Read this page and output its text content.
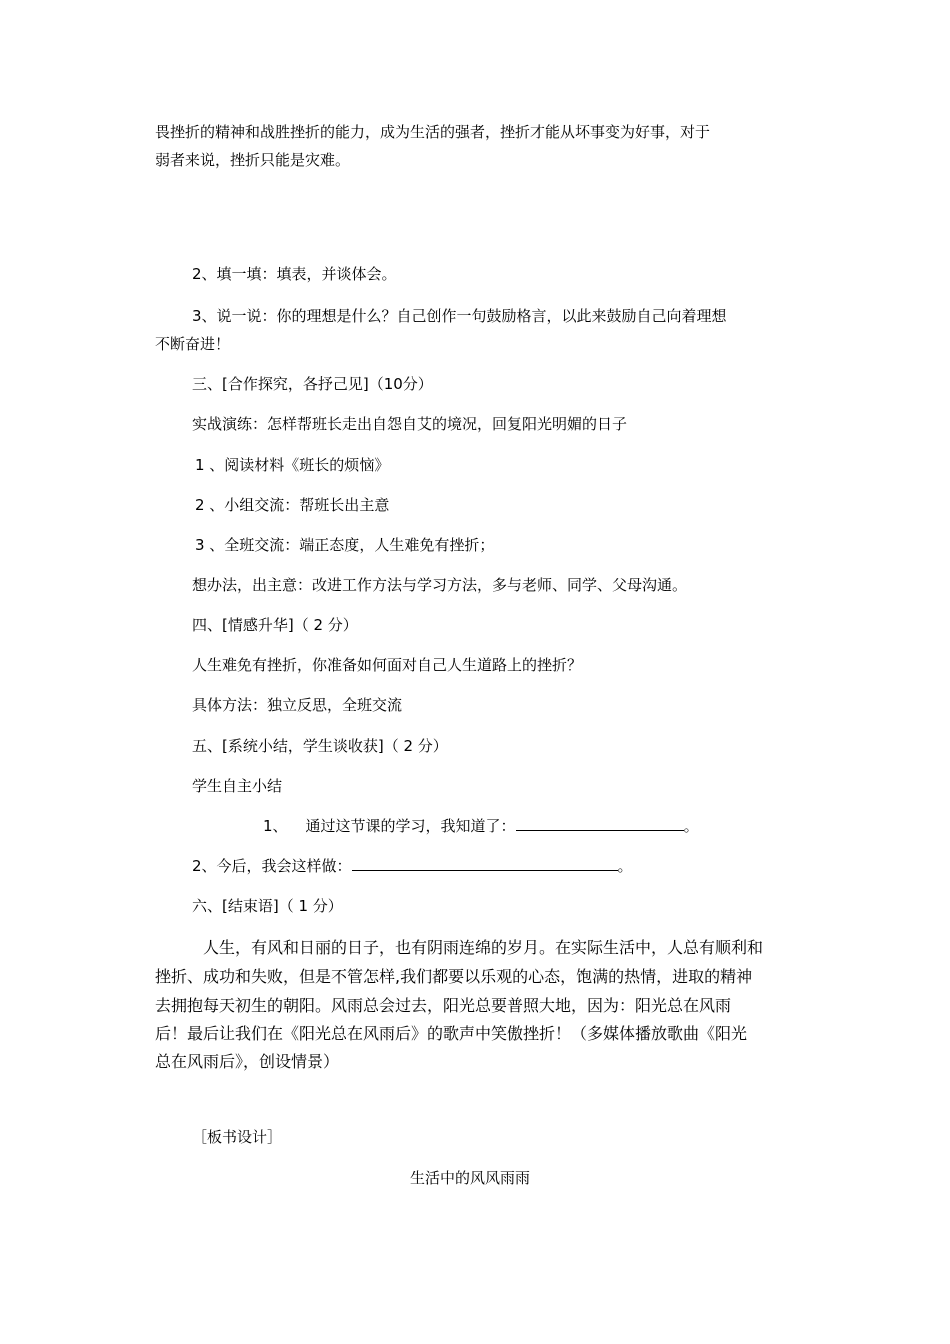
畏挫折的精神和战胜挫折的能力，成为生活的强者，挫折才能从坏事变为好事，对于
弱者来说，挫折只能是灾难。
2、填一填：填表，并谈体会。
3、说一说：你的理想是什么？自己创作一句鼓励格言，以此来鼓励自己向着理想
不断奋进！
三、[合作探究，各抒己见]（10分）
实战演练：怎样帮班长走出自怨自艾的境况，回复阳光明媚的日子
1 、阅读材料《班长的烦恼》
2 、小组交流：帮班长出主意
3 、全班交流：端正态度，人生难免有挫折；
想办法，出主意：改进工作方法与学习方法，多与老师、同学、父母沟通。
四、[情感升华]（ 2 分）
人生难免有挫折，你准备如何面对自己人生道路上的挫折？
具体方法：独立反思，全班交流
五、[系统小结，学生谈收获]（ 2 分）
学生自主小结
1、 通过这节课的学习，我知道了：	。
2、今后，我会这样做：	。
六、[结束语]（ 1 分）
人生，有风和日丽的日子，也有阴雨连绵的岁月。在实际生活中，人总有顺利和
挫折、成功和失败，但是不管怎样,我们都要以乐观的心态，饱满的热情，进取的精神
去拥抱每天初生的朝阳。风雨总会过去，阳光总要普照大地，因为：阳光总在风雨
后！最后让我们在《阳光总在风雨后》的歌声中笑傲挫折！（多媒体播放歌曲《阳光
总在风雨后》，创设情景）
［板书设计］
生活中的风风雨雨
